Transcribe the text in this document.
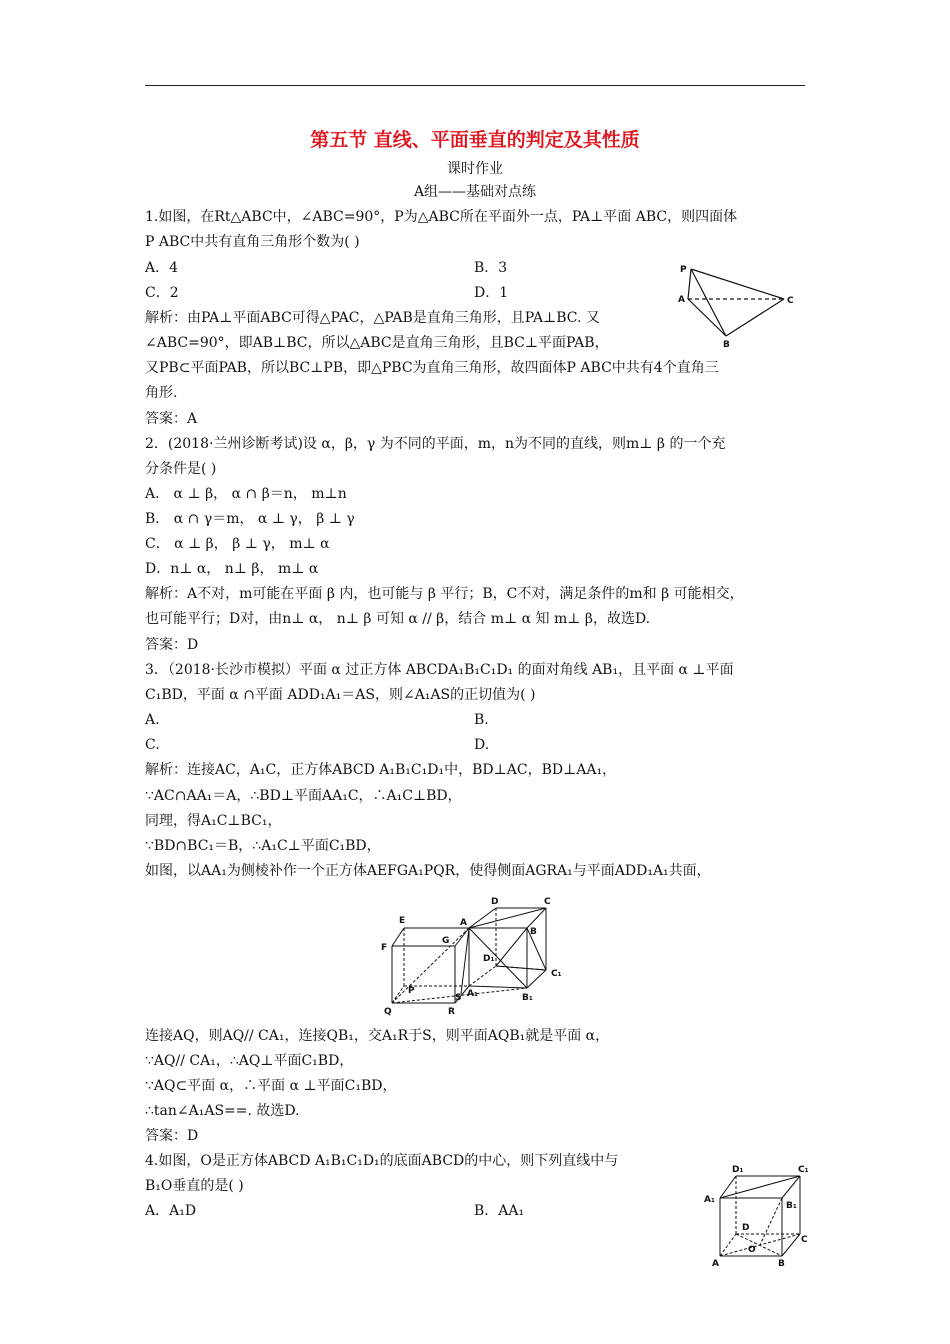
第五节 直线、平面垂直的判定及其性质
课时作业
A组——基础对点练
1.如图，在Rt△ABC中，∠ABC=90°，P为△ABC所在平面外一点，PA⊥平面 ABC，则四面体
P ABC中共有直角三角形个数为( )
A．4	B．3
C．2	D．1
解析：由PA⊥平面ABC可得△PAC，△PAB是直角三角形，且PA⊥BC. 又
∠ABC=90°，即AB⊥BC，所以△ABC是直角三角形，且BC⊥平面PAB，
又PB⊂平面PAB，所以BC⊥PB，即△PBC为直角三角形，故四面体P ABC中共有4个直角三
角形.
答案：A
P
A	C
B
2．(2018·兰州诊断考试)设 α，β，γ 为不同的平面，m，n为不同的直线，则m⊥ β 的一个充
分条件是( )
A． α ⊥ β， α ∩ β＝n， m⊥n
B． α ∩ γ＝m， α ⊥ γ， β ⊥ γ
C． α ⊥ β， β ⊥ γ， m⊥ α
D．n⊥ α， n⊥ β， m⊥ α
解析：A不对，m可能在平面 β 内，也可能与 β 平行；B，C不对，满足条件的m和 β 可能相交，
也可能平行；D对，由n⊥ α， n⊥ β 可知 α // β，结合 m⊥ α 知 m⊥ β，故选D.
答案：D
3．（2018·长沙市模拟）平面 α 过正方体 ABCDA₁B₁C₁D₁ 的面对角线 AB₁，且平面 α ⊥平面
C₁BD，平面 α ∩平面 ADD₁A₁＝AS，则∠A₁AS的正切值为( )
A.	B.
C.	D.
解析：连接AC，A₁C，正方体ABCD A₁B₁C₁D₁中，BD⊥AC，BD⊥AA₁，
∵AC∩AA₁＝A，∴BD⊥平面AA₁C，∴A₁C⊥BD，
同理，得A₁C⊥BC₁，
∵BD∩BC₁＝B，∴A₁C⊥平面C₁BD，
如图，以AA₁为侧棱补作一个正方体AEFGA₁PQR，使得侧面AGRA₁与平面ADD₁A₁共面，
E
F
G
A
D	C
B
D₁
C₁
P
Q	R
S A₁	B₁
连接AQ，则AQ// CA₁，连接QB₁，交A₁R于S，则平面AQB₁就是平面 α，
∵AQ// CA₁，∴AQ⊥平面C₁BD，
∵AQ⊂平面 α，∴平面 α ⊥平面C₁BD，
∴tan∠A₁AS==. 故选D.
答案：D
4.如图，O是正方体ABCD A₁B₁C₁D₁的底面ABCD的中心，则下列直线中与
B₁O垂直的是( )
A．A₁D	B．AA₁
D₁	C₁
A₁
B₁
D
C
O
A	B
